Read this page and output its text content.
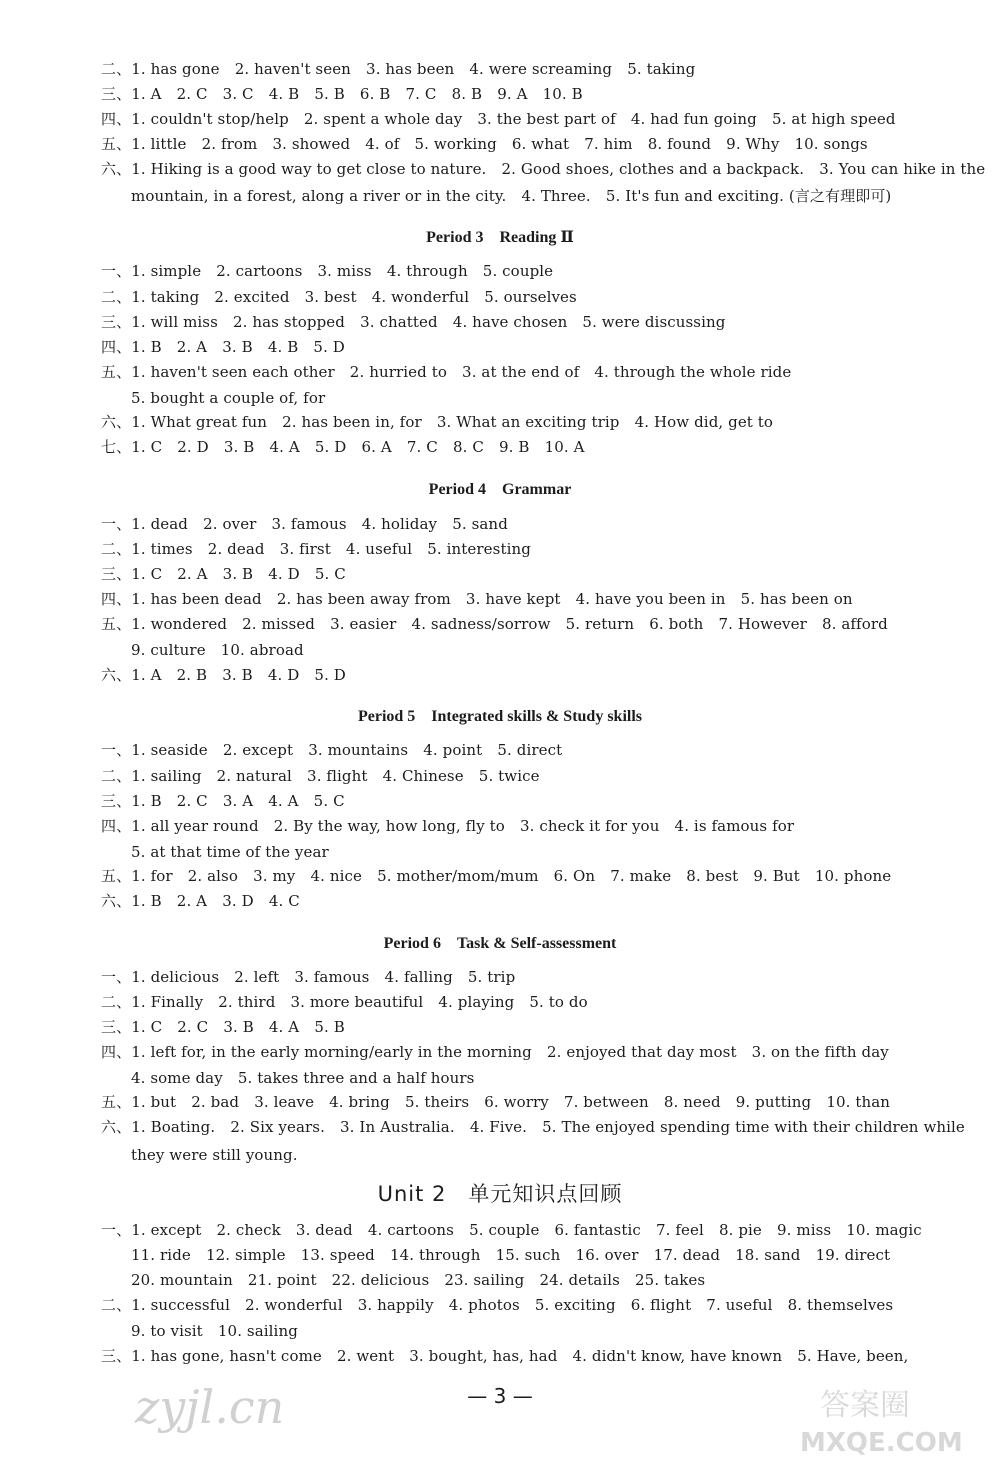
二、1. has gone　2. haven't seen　3. has been　4. were screaming　5. taking
三、1. A　2. C　3. C　4. B　5. B　6. B　7. C　8. B　9. A　10. B
四、1. couldn't stop/help　2. spent a whole day　3. the best part of　4. had fun going　5. at high speed
五、1. little　2. from　3. showed　4. of　5. working　6. what　7. him　8. found　9. Why　10. songs
六、1. Hiking is a good way to get close to nature.　2. Good shoes, clothes and a backpack.　3. You can hike in the
mountain, in a forest, along a river or in the city.　4. Three.　5. It's fun and exciting. (言之有理即可)
Period 3　Reading Ⅱ
一、1. simple　2. cartoons　3. miss　4. through　5. couple
二、1. taking　2. excited　3. best　4. wonderful　5. ourselves
三、1. will miss　2. has stopped　3. chatted　4. have chosen　5. were discussing
四、1. B　2. A　3. B　4. B　5. D
五、1. haven't seen each other　2. hurried to　3. at the end of　4. through the whole ride
5. bought a couple of, for
六、1. What great fun　2. has been in, for　3. What an exciting trip　4. How did, get to
七、1. C　2. D　3. B　4. A　5. D　6. A　7. C　8. C　9. B　10. A
Period 4　Grammar
一、1. dead　2. over　3. famous　4. holiday　5. sand
二、1. times　2. dead　3. first　4. useful　5. interesting
三、1. C　2. A　3. B　4. D　5. C
四、1. has been dead　2. has been away from　3. have kept　4. have you been in　5. has been on
五、1. wondered　2. missed　3. easier　4. sadness/sorrow　5. return　6. both　7. However　8. afford
9. culture　10. abroad
六、1. A　2. B　3. B　4. D　5. D
Period 5　Integrated skills & Study skills
一、1. seaside　2. except　3. mountains　4. point　5. direct
二、1. sailing　2. natural　3. flight　4. Chinese　5. twice
三、1. B　2. C　3. A　4. A　5. C
四、1. all year round　2. By the way, how long, fly to　3. check it for you　4. is famous for
5. at that time of the year
五、1. for　2. also　3. my　4. nice　5. mother/mom/mum　6. On　7. make　8. best　9. But　10. phone
六、1. B　2. A　3. D　4. C
Period 6　Task & Self-assessment
一、1. delicious　2. left　3. famous　4. falling　5. trip
二、1. Finally　2. third　3. more beautiful　4. playing　5. to do
三、1. C　2. C　3. B　4. A　5. B
四、1. left for, in the early morning/early in the morning　2. enjoyed that day most　3. on the fifth day
4. some day　5. takes three and a half hours
五、1. but　2. bad　3. leave　4. bring　5. theirs　6. worry　7. between　8. need　9. putting　10. than
六、1. Boating.　2. Six years.　3. In Australia.　4. Five.　5. The enjoyed spending time with their children while
they were still young.
Unit 2　单元知识点回顾
一、1. except　2. check　3. dead　4. cartoons　5. couple　6. fantastic　7. feel　8. pie　9. miss　10. magic
11. ride　12. simple　13. speed　14. through　15. such　16. over　17. dead　18. sand　19. direct
20. mountain　21. point　22. delicious　23. sailing　24. details　25. takes
二、1. successful　2. wonderful　3. happily　4. photos　5. exciting　6. flight　7. useful　8. themselves
9. to visit　10. sailing
三、1. has gone, hasn't come　2. went　3. bought, has, had　4. didn't know, have known　5. Have, been,
— 3 —
zyjl.cn	答案圈
MXQE.COM
